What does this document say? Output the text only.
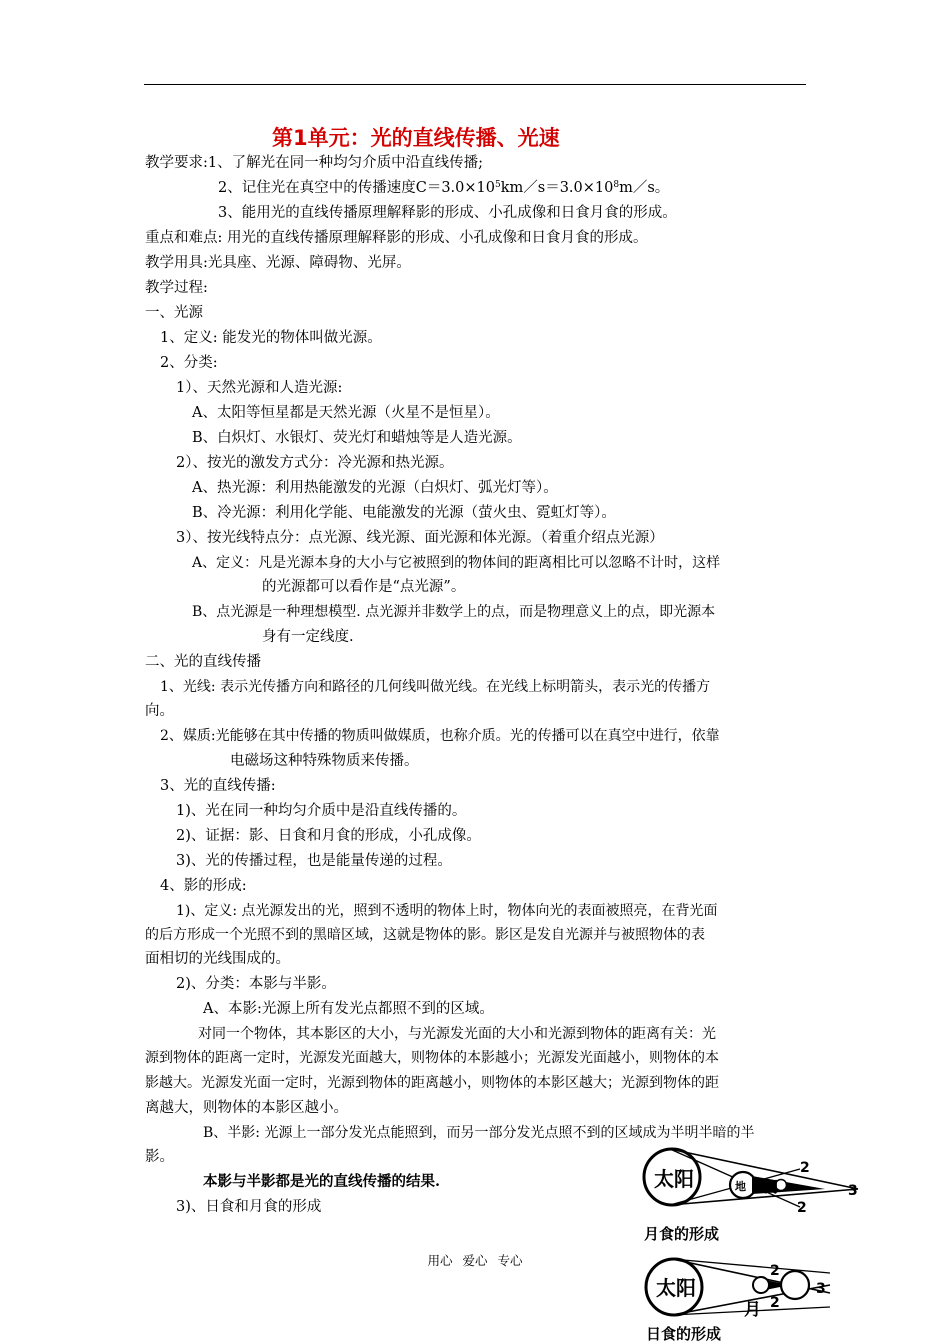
第1单元：光的直线传播、光速
教学要求:1、了解光在同一种均匀介质中沿直线传播;
2、记住光在真空中的传播速度$C=3.0\times 10^5km/s=3.0\times 10^8m/s$。
3、能用光的直线传播原理解释影的形成、小孔成像和日食月食的形成。
重点和难点: 用光的直线传播原理解释影的形成、小孔成像和日食月食的形成。
教学用具:光具座、光源、障碍物、光屏。
教学过程:
一、光源
1、定义: 能发光的物体叫做光源。
2、分类:
1）、天然光源和人造光源:
A、太阳等恒星都是天然光源（火星不是恒星）。
B、白炽灯、水银灯、荧光灯和蜡烛等是人造光源。
2）、按光的激发方式分：冷光源和热光源。
A、热光源：利用热能激发的光源（白炽灯、弧光灯等）。
B、冷光源：利用化学能、电能激发的光源（萤火虫、霓虹灯等）。
3）、按光线特点分：点光源、线光源、面光源和体光源。（着重介绍点光源）
A、定义：凡是光源本身的大小与它被照到的物体间的距离相比可以忽略不计时，这样
的光源都可以看作是“点光源”。
B、点光源是一种理想模型. 点光源并非数学上的点，而是物理意义上的点，即光源本
身有一定线度.
二、光的直线传播
1、光线: 表示光传播方向和路径的几何线叫做光线。在光线上标明箭头，表示光的传播方
向。
2、媒质:光能够在其中传播的物质叫做媒质，也称介质。光的传播可以在真空中进行，依靠
电磁场这种特殊物质来传播。
3、光的直线传播:
1)、光在同一种均匀介质中是沿直线传播的。
2)、证据：影、日食和月食的形成，小孔成像。
3)、光的传播过程，也是能量传递的过程。
4、影的形成:
1)、定义: 点光源发出的光，照到不透明的物体上时，物体向光的表面被照亮，在背光面
的后方形成一个光照不到的黑暗区域，这就是物体的影。影区是发自光源并与被照物体的表
面相切的光线围成的。
2)、分类：本影与半影。
A、本影:光源上所有发光点都照不到的区域。
对同一个物体，其本影区的大小，与光源发光面的大小和光源到物体的距离有关：光
源到物体的距离一定时，光源发光面越大，则物体的本影越小；光源发光面越小，则物体的本
影越大。光源发光面一定时，光源到物体的距离越小，则物体的本影区越大；光源到物体的距
离越大，则物体的本影区越小。
B、半影: 光源上一部分发光点能照到，而另一部分发光点照不到的区域成为半明半暗的半
影。
本影与半影都是光的直线传播的结果.
3)、日食和月食的形成
太阳	地 月
2
2
3
月食的形成
用心 爱心 专心
太阳
月
2
2
3
日食的形成
